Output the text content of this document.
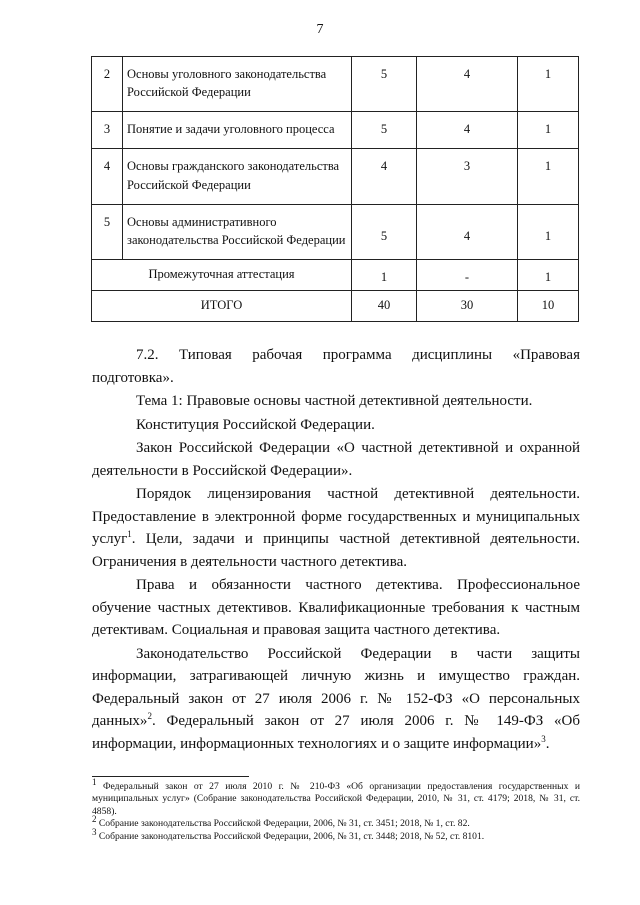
7
2	Основы уголовного законодательства Российской Федерации	5	4	1
3	Понятие и задачи уголовного процесса	5	4	1
4	Основы гражданского законодательства Российской Федерации	4	3	1
5	Основы административного законодательства Российской Федерации	5	4	1
Промежуточная аттестация		1	-	1
ИТОГО		40	30	10

7.2. Типовая рабочая программа дисциплины «Правовая подготовка».

Тема 1: Правовые основы частной детективной деятельности.

Конституция Российской Федерации.

Закон Российской Федерации «О частной детективной и охранной деятельности в Российской Федерации».

Порядок лицензирования частной детективной деятельности. Предоставление в электронной форме государственных и муниципальных услуг$^1$. Цели, задачи и принципы частной детективной деятельности. Ограничения в деятельности частного детектива.

Права и обязанности частного детектива. Профессиональное обучение частных детективов. Квалификационные требования к частным детективам. Социальная и правовая защита частного детектива.

Законодательство Российской Федерации в части защиты информации, затрагивающей личную жизнь и имущество граждан. Федеральный закон от 27 июля 2006 г. № 152-ФЗ «О персональных данных»$^2$. Федеральный закон от 27 июля 2006 г. № 149-ФЗ «Об информации, информационных технологиях и о защите информации»$^3$.

$^1$ Федеральный закон от 27 июля 2010 г. № 210-ФЗ «Об организации предоставления государственных и муниципальных услуг» (Собрание законодательства Российской Федерации, 2010, № 31, ст. 4179; 2018, № 31, ст. 4858).

$^2$ Собрание законодательства Российской Федерации, 2006, № 31, ст. 3451; 2018, № 1, ст. 82.

$^3$ Собрание законодательства Российской Федерации, 2006, № 31, ст. 3448; 2018, № 52, ст. 8101.
